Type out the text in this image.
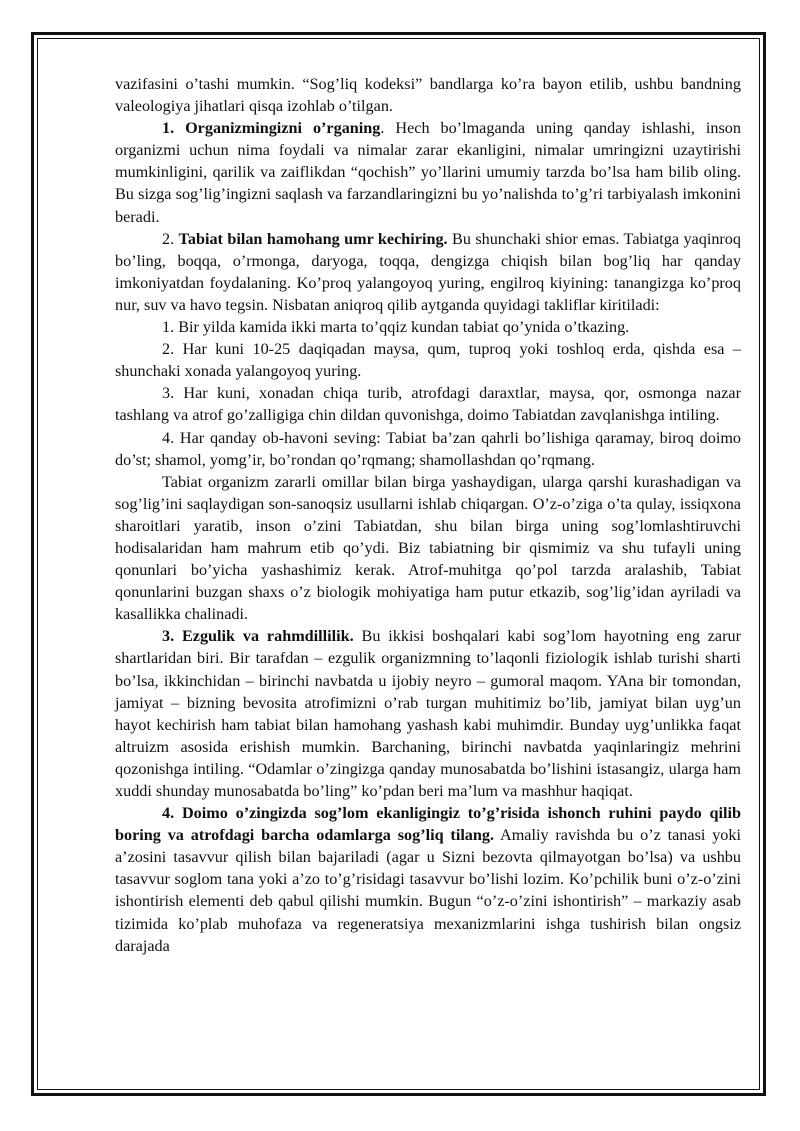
vazifasini o’tashi mumkin. “Sog’liq kodeksi” bandlarga ko’ra bayon etilib, ushbu bandning valeologiya jihatlari qisqa izohlab o’tilgan.

1. Organizmingizni o’rganing. Hech bo’lmaganda uning qanday ishlashi, inson organizmi uchun nima foydali va nimalar zarar ekanligini, nimalar umringizni uzaytirishi mumkinligini, qarilik va zaiflikdan “qochish” yo’llarini umumiy tarzda bo’lsa ham bilib oling. Bu sizga sog’lig’ingizni saqlash va farzandlaringizni bu yo’nalishda to’g’ri tarbiyalash imkonini beradi.

2. Tabiat bilan hamohang umr kechiring. Bu shunchaki shior emas. Tabiatga yaqinroq bo’ling, boqqa, o’rmonga, daryoga, toqqa, dengizga chiqish bilan bog’liq har qanday imkoniyatdan foydalaning. Ko’proq yalangoyoq yuring, engilroq kiyining: tanangizga ko’proq nur, suv va havo tegsin. Nisbatan aniqroq qilib aytganda quyidagi takliflar kiritiladi:

1. Bir yilda kamida ikki marta to’qqiz kundan tabiat qo’ynida o’tkazing.

2. Har kuni 10-25 daqiqadan maysa, qum, tuproq yoki toshloq erda, qishda esa – shunchaki xonada yalangoyoq yuring.

3. Har kuni, xonadan chiqa turib, atrofdagi daraxtlar, maysa, qor, osmonga nazar tashlang va atrof go’zalligiga chin dildan quvonishga, doimo Tabiatdan zavqlanishga intiling.

4. Har qanday ob-havoni seving: Tabiat ba’zan qahrli bo’lishiga qaramay, biroq doimo do’st; shamol, yomg’ir, bo’rondan qo’rqmang; shamollashdan qo’rqmang.

Tabiat organizm zararli omillar bilan birga yashaydigan, ularga qarshi kurashadigan va sog’lig’ini saqlaydigan son-sanoqsiz usullarni ishlab chiqargan. O’z-o’ziga o’ta qulay, issiqxona sharoitlari yaratib, inson o’zini Tabiatdan, shu bilan birga uning sog’lomlashtiruvchi hodisalaridan ham mahrum etib qo’ydi. Biz tabiatning bir qismimiz va shu tufayli uning qonunlari bo’yicha yashashimiz kerak. Atrof-muhitga qo’pol tarzda aralashib, Tabiat qonunlarini buzgan shaxs o’z biologik mohiyatiga ham putur etkazib, sog’lig’idan ayriladi va kasallikka chalinadi.

3. Ezgulik va rahmdillilik. Bu ikkisi boshqalari kabi sog’lom hayotning eng zarur shartlaridan biri. Bir tarafdan – ezgulik organizmning to’laqonli fiziologik ishlab turishi sharti bo’lsa, ikkinchidan – birinchi navbatda u ijobiy neyro – gumoral maqom. YAna bir tomondan, jamiyat – bizning bevosita atrofimizni o’rab turgan muhitimiz bo’lib, jamiyat bilan uyg’un hayot kechirish ham tabiat bilan hamohang yashash kabi muhimdir. Bunday uyg’unlikka faqat altruizm asosida erishish mumkin. Barchaning, birinchi navbatda yaqinlaringiz mehrini qozonishga intiling. “Odamlar o’zingizga qanday munosabatda bo’lishini istasangiz, ularga ham xuddi shunday munosabatda bo’ling” ko’pdan beri ma’lum va mashhur haqiqat.

4. Doimo o’zingizda sog’lom ekanligingiz to’g’risida ishonch ruhini paydo qilib boring va atrofdagi barcha odamlarga sog’liq tilang. Amaliy ravishda bu o’z tanasi yoki a’zosini tasavvur qilish bilan bajariladi (agar u Sizni bezovta qilmayotgan bo’lsa) va ushbu tasavvur soglom tana yoki a’zo to’g’risidagi tasavvur bo’lishi lozim. Ko’pchilik buni o’z-o’zini ishontirish elementi deb qabul qilishi mumkin. Bugun “o’z-o’zini ishontirish” – markaziy asab tizimida ko’plab muhofaza va regeneratsiya mexanizmlarini ishga tushirish bilan ongsiz darajada
